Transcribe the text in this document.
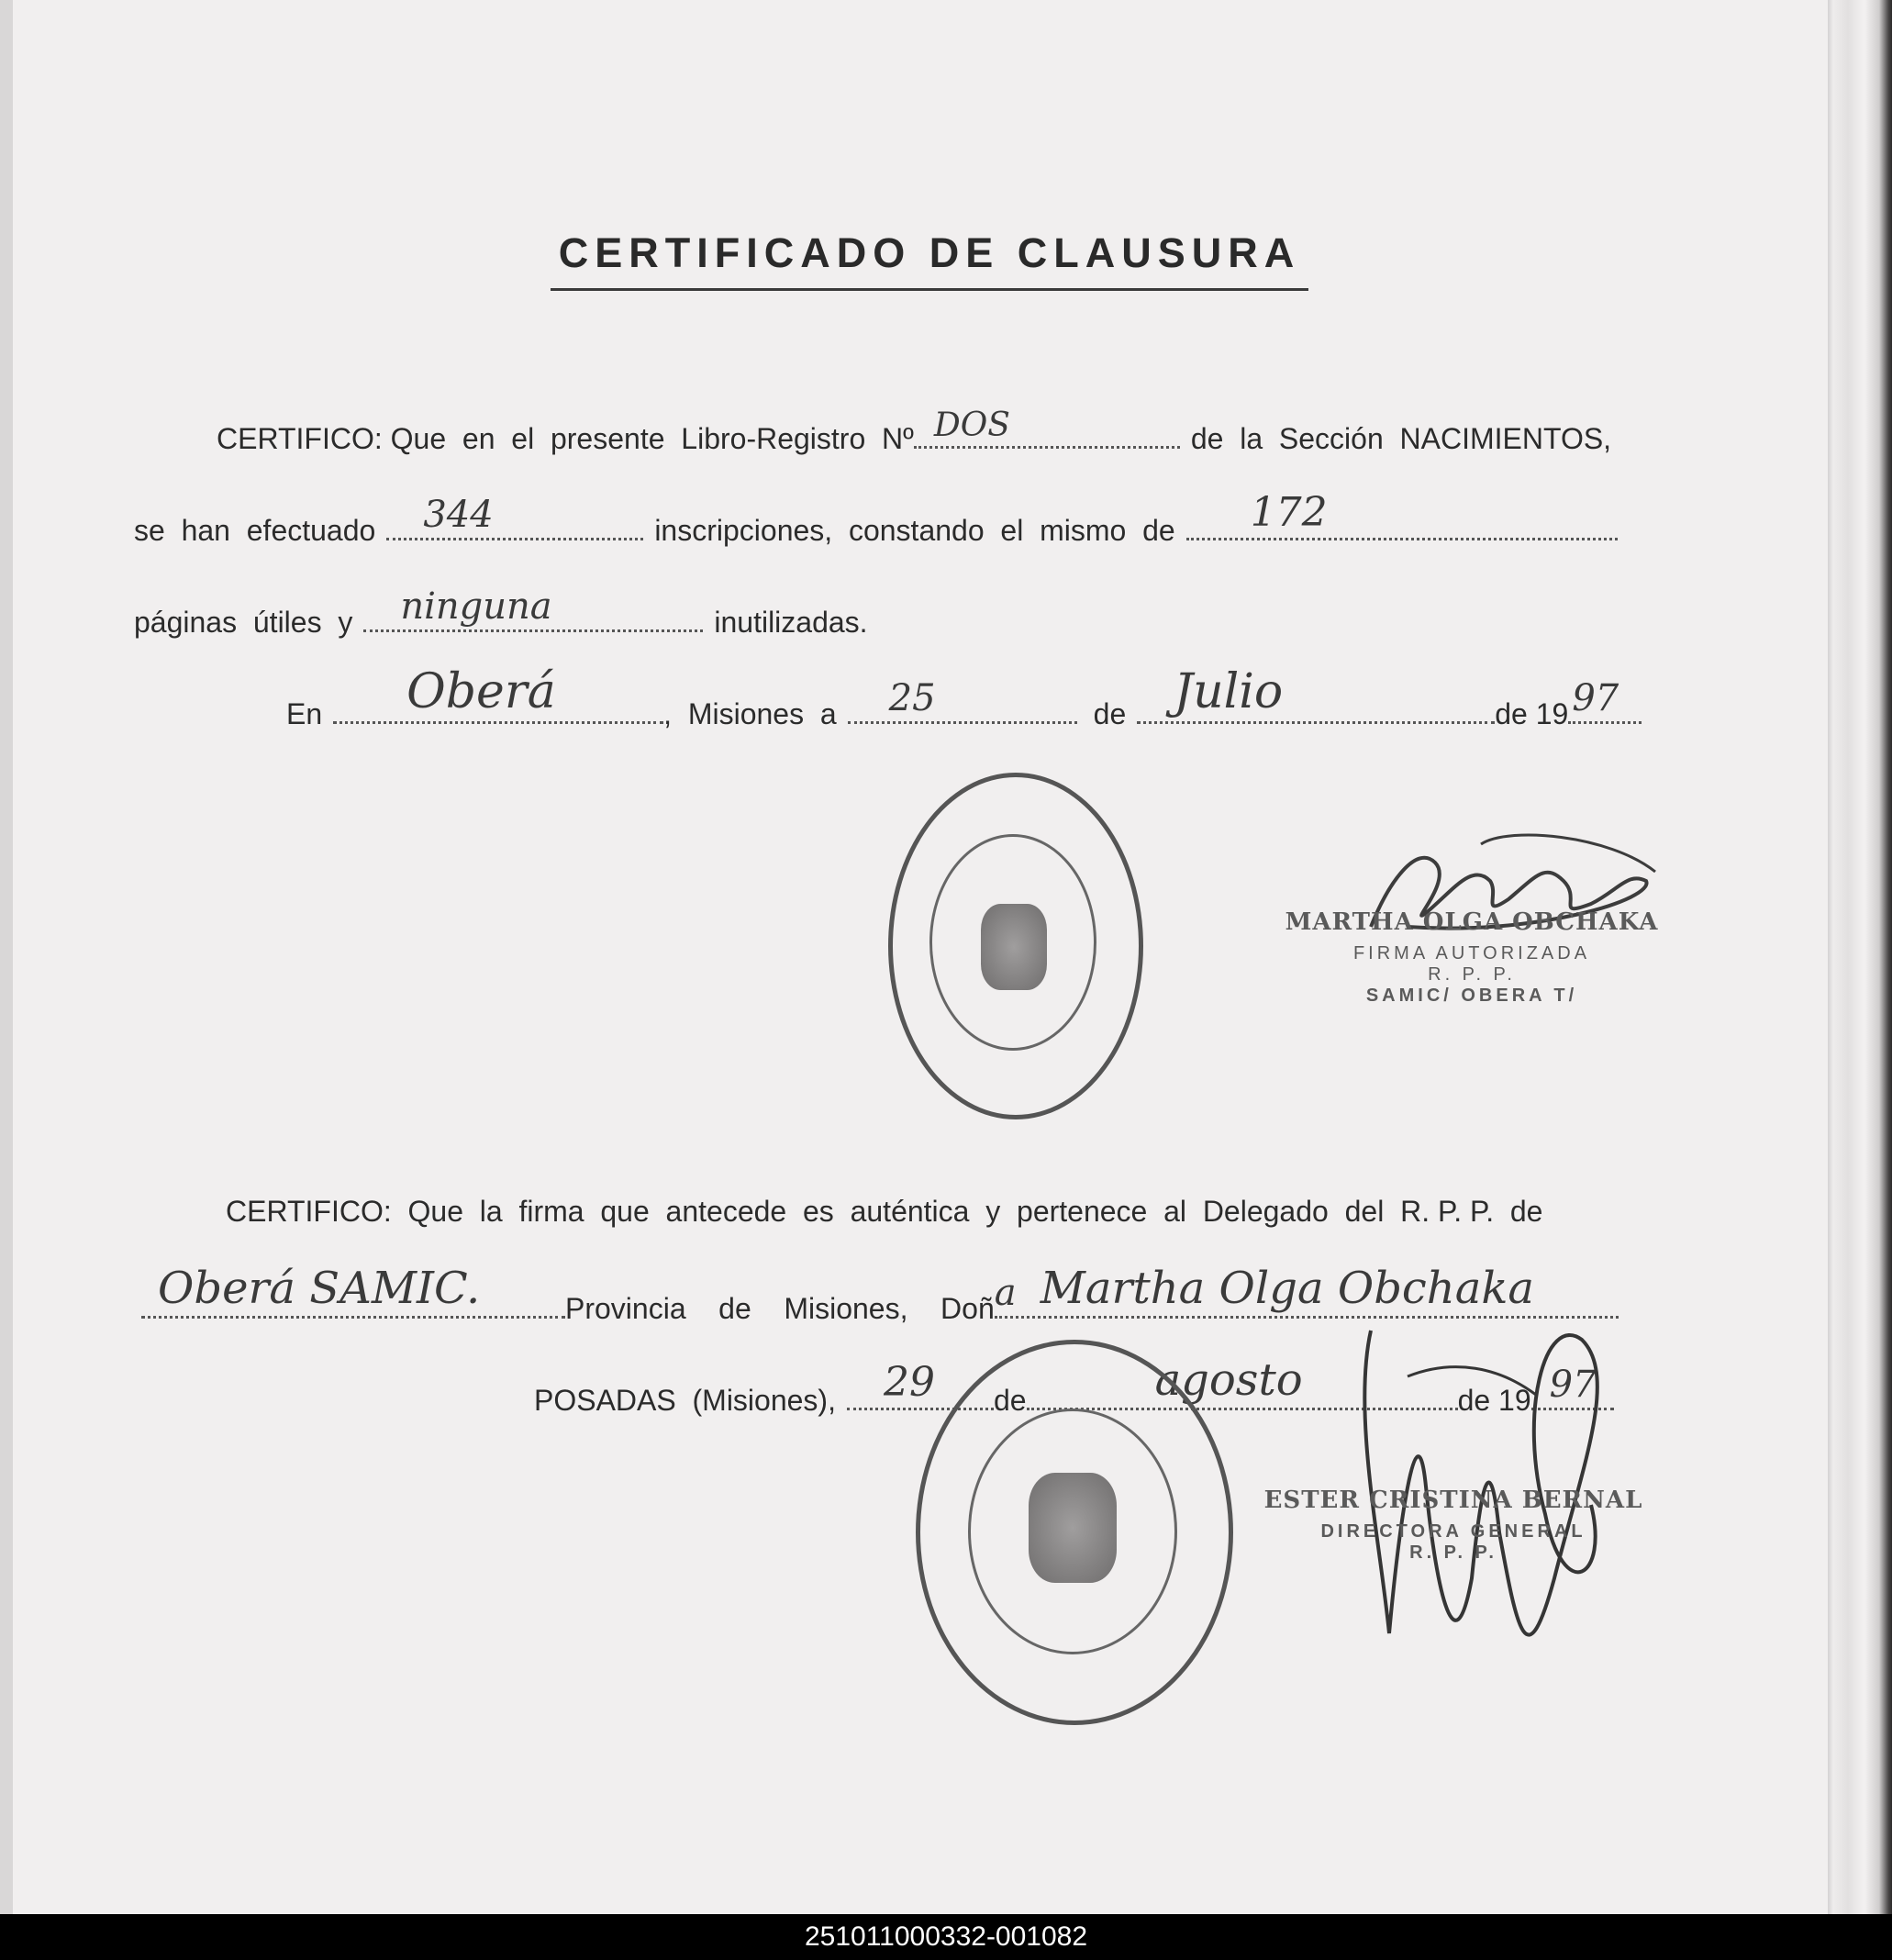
CERTIFICADO DE CLAUSURA
CERTIFICO: Que  en  el  presente  Libro-Registro  Nº DOS	de  la  Sección  NACIMIENTOS,
se  han  efectuado 344	inscripciones,  constando  el  mismo  de 172
páginas  útiles  y ninguna	inutilizadas.
En Oberá	,  Misiones  a 25	de Julio	de 19 97
MARTHA OLGA OBCHAKA
FIRMA AUTORIZADA
R. P. P.
SAMIC/ OBERA T/
CERTIFICO:  Que  la  firma  que  antecede  es  auténtica  y  pertenece  al  Delegado  del  R. P. P.  de
Oberá SAMIC.	Provincia    de    Misiones,    Doñ a Martha Olga Obchaka
POSADAS  (Misiones), 29 de	agosto	de 19 97
ESTER CRISTINA BERNAL
DIRECTORA GENERAL
R. P. P.
251011000332-001082
